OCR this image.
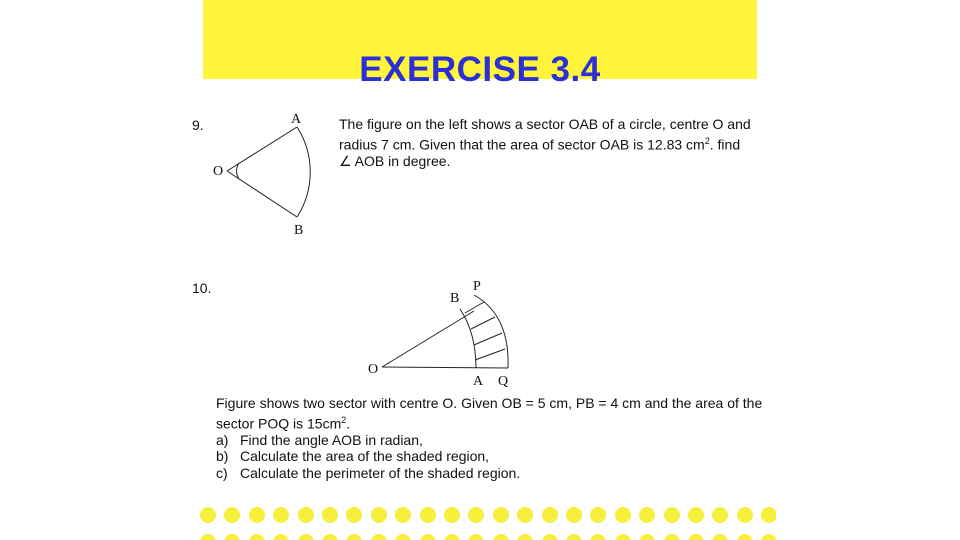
EXERCISE 3.4
9.	A
O
B

The figure on the left shows a sector OAB of a circle, centre O and

radius 7 cm. Given that the area of sector OAB is 12.83 $cm^2$. find

∠ AOB in degree.

10.
O
B
P
A Q

Figure shows two sector with centre O. Given OB = 5 cm, PB = 4 cm and the area of the

sector POQ is $15cm^2$.

a) Find the angle AOB in radian,
b) Calculate the area of the shaded region,
c) Calculate the perimeter of the shaded region.
